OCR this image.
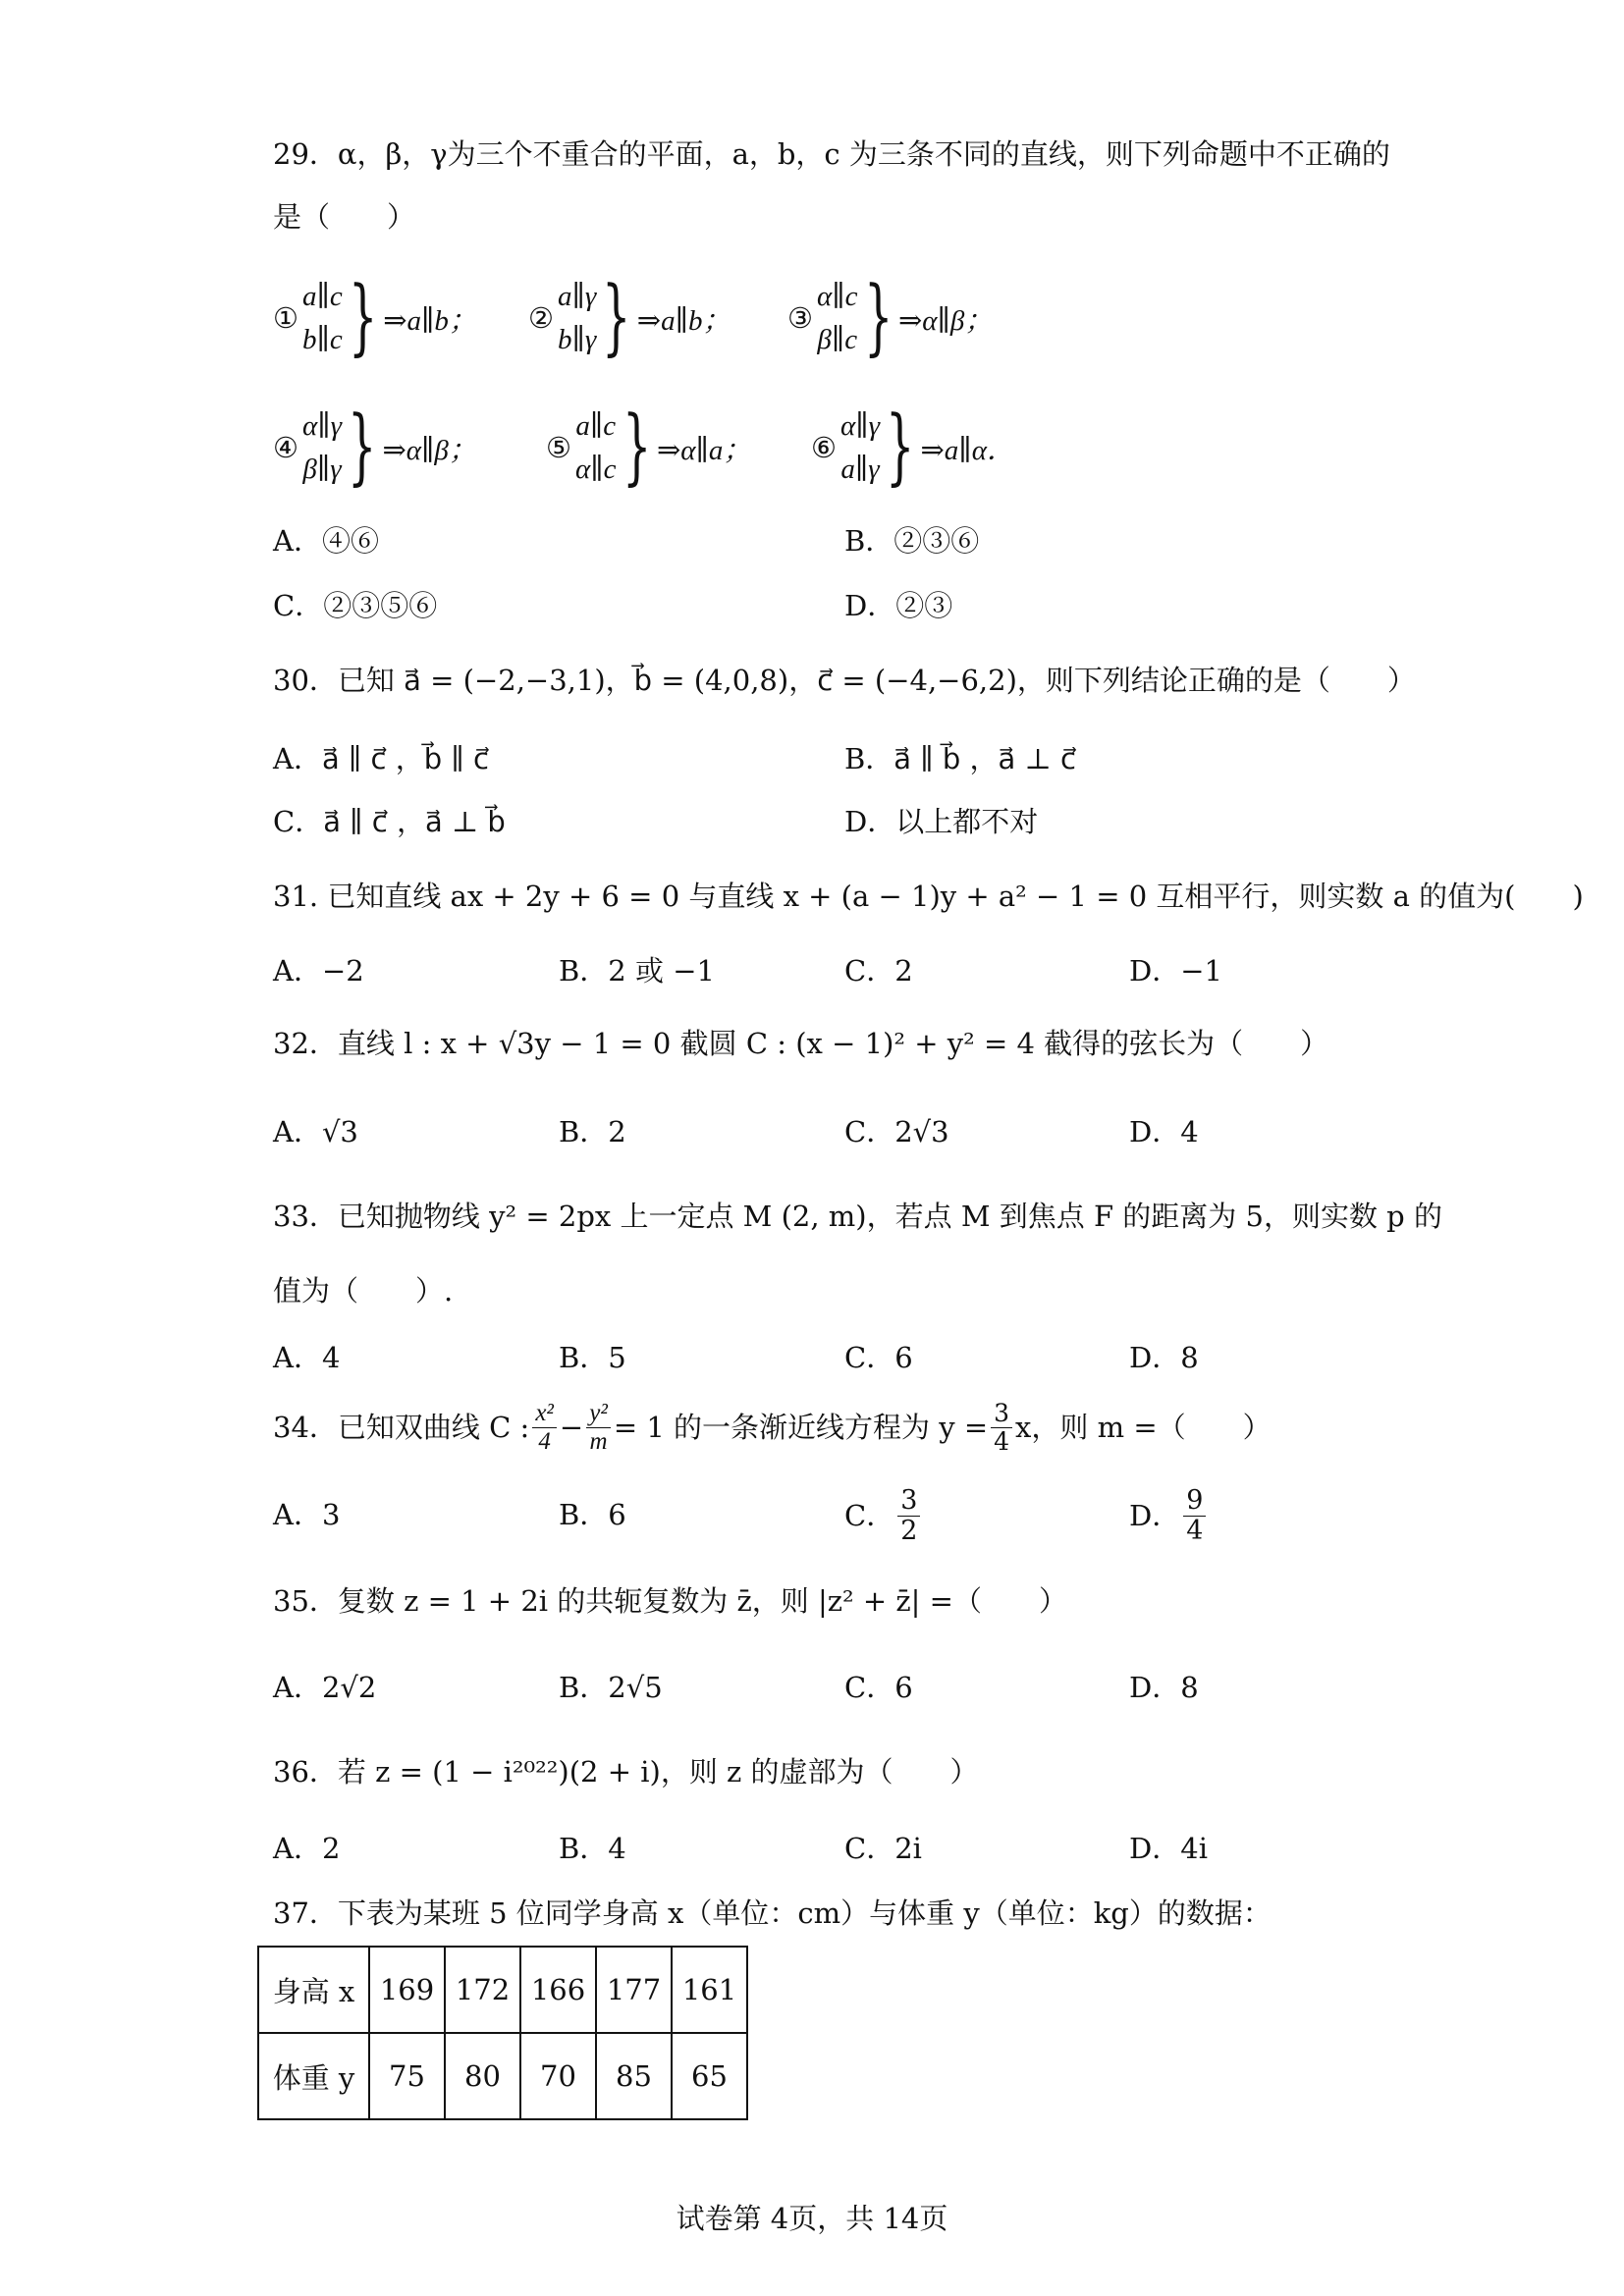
29．α，β，γ为三个不重合的平面，a，b，c 为三条不同的直线，则下列命题中不正确的
是（　　）
①
a∥c
b∥c } ⇒a∥b； ②
a∥γ
b∥γ } ⇒a∥b； ③
α∥c
β∥c } ⇒α∥β；
④
α∥γ
β∥γ } ⇒α∥β； ⑤
a∥c
α∥c } ⇒α∥a； ⑥
α∥γ
a∥γ } ⇒a∥α．
A．④⑥	B．②③⑥
C．②③⑤⑥	D．②③
30．已知 a⃗ = (−2,−3,1)，b⃗ = (4,0,8)，c⃗ = (−4,−6,2)，则下列结论正确的是（　　）
A．a⃗ ∥ c⃗ ，b⃗ ∥ c⃗	B．a⃗ ∥ b⃗ ，a⃗ ⊥ c⃗
C．a⃗ ∥ c⃗ ，a⃗ ⊥ b⃗	D．以上都不对
31. 已知直线 ax + 2y + 6 = 0 与直线 x + (a − 1)y + a² − 1 = 0 互相平行，则实数 a 的值为(　　)
A．−2	B．2 或 −1	C．2	D．−1
32．直线 l : x + √3y − 1 = 0 截圆 C : (x − 1)² + y² = 4 截得的弦长为（　　）
A．√3	B．2	C．2√3	D．4
33．已知抛物线 y² = 2px 上一定点 M (2, m)，若点 M 到焦点 F 的距离为 5，则实数 p 的
值为（　　）.
A．4	B．5	C．6	D．8
34．已知双曲线 C : $\frac{\text{x²}}{4} - \frac{\text{y²}}{m} = 1$ 的一条渐近线方程为 $y = \frac{3}{4}$ x，则 m =（　　）
A．3	B．6	C． $\frac{3}{2}$	D． $\frac{9}{4}$
35．复数 z = 1 + 2i 的共轭复数为 z̄，则 |z² + z̄| =（　　）
A．2√2	B．2√5	C．6	D．8
36．若 z = (1 − i²⁰²²)(2 + i)，则 z 的虚部为（　　）
A．2	B．4	C．2i	D．4i
37．下表为某班 5 位同学身高 x（单位：cm）与体重 y（单位：kg）的数据：
身高 x	169	172	166	177	161
体重 y	75	80	70	85	65
试卷第 4页，共 14页
